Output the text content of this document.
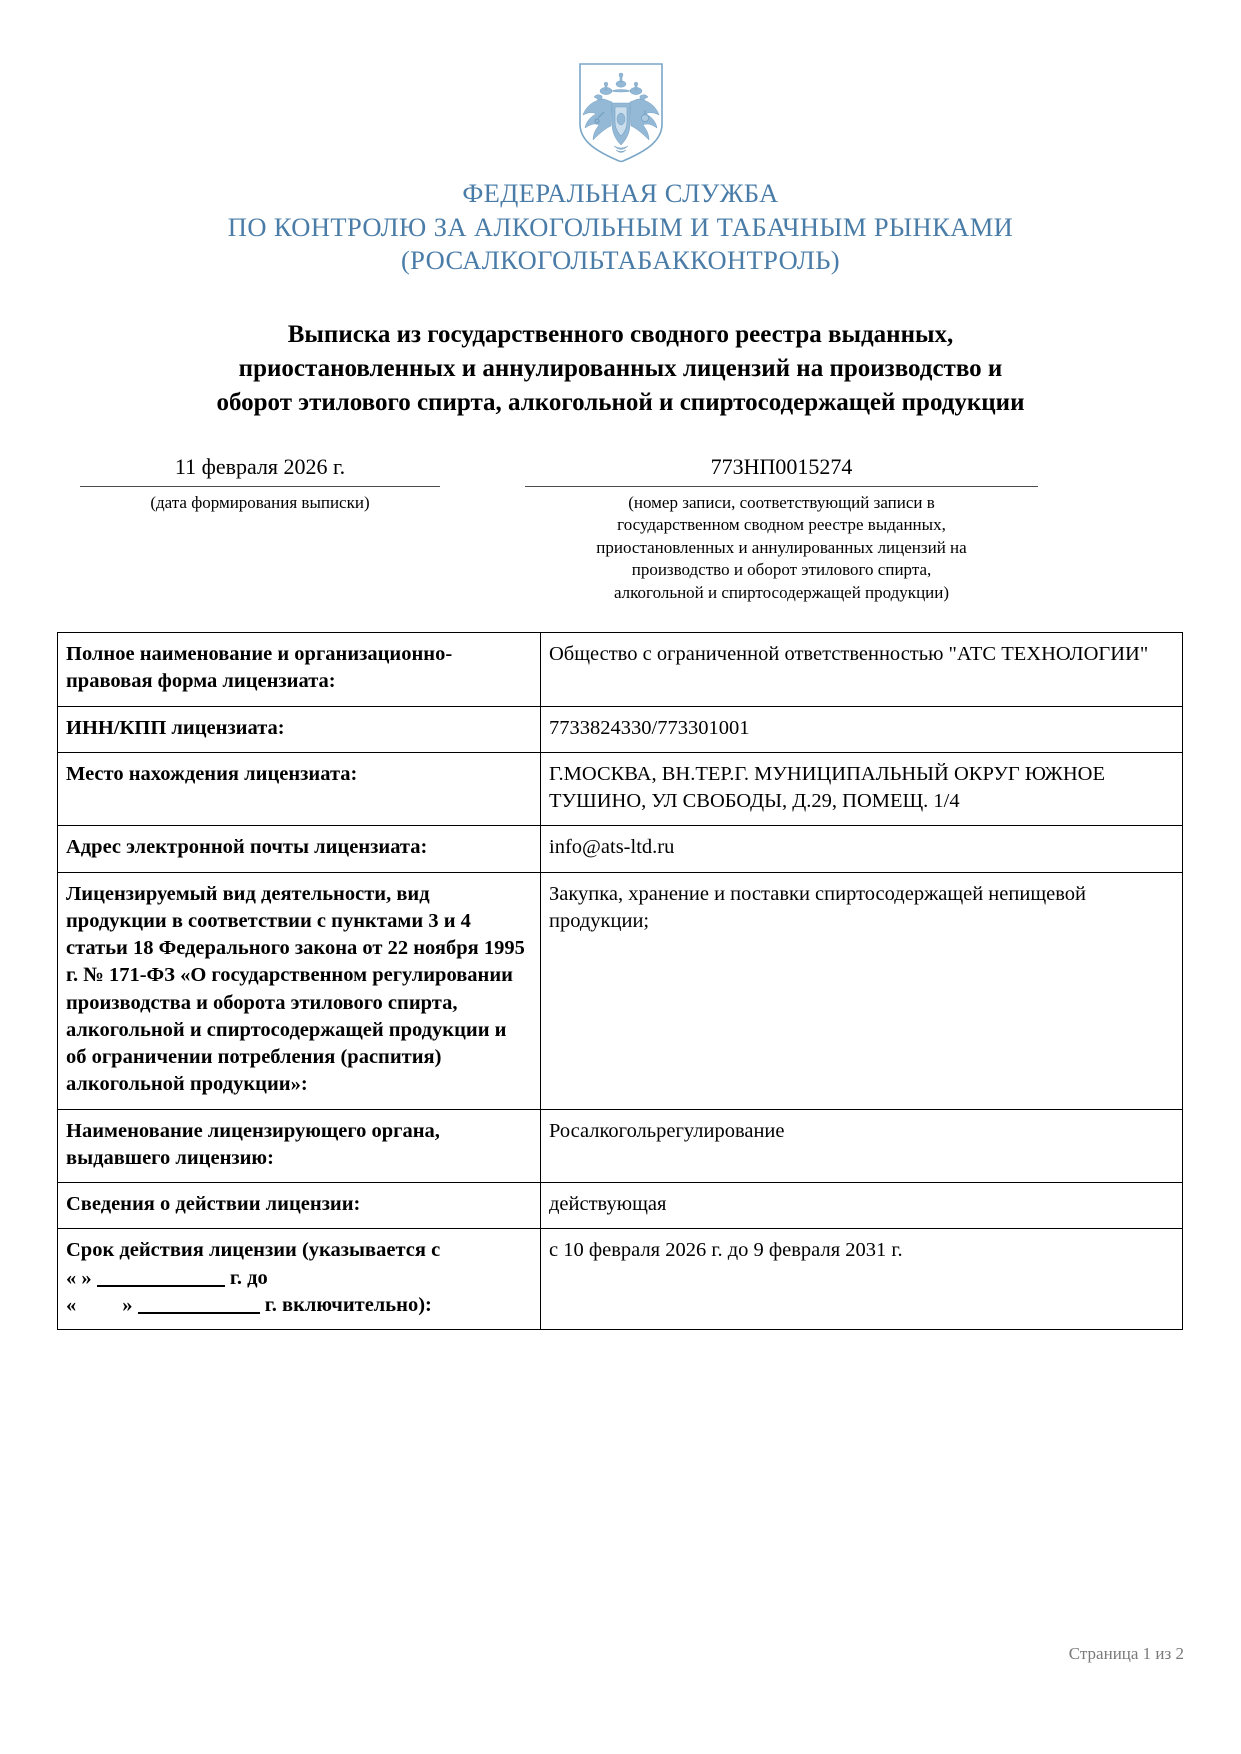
ФЕДЕРАЛЬНАЯ СЛУЖБА
ПО КОНТРОЛЮ ЗА АЛКОГОЛЬНЫМ И ТАБАЧНЫМ РЫНКАМИ
(РОСАЛКОГОЛЬТАБАККОНТРОЛЬ)
Выписка из государственного сводного реестра выданных,
приостановленных и аннулированных лицензий на производство и
оборот этилового спирта, алкогольной и спиртосодержащей продукции
11 февраля 2026 г.
(дата формирования выписки)
773НП0015274
(номер записи, соответствующий записи в
государственном сводном реестре выданных,
приостановленных и аннулированных лицензий на
производство и оборот этилового спирта,
алкогольной и спиртосодержащей продукции)
Полное наименование и организационно-правовая форма лицензиата:	Общество с ограниченной ответственностью "АТС ТЕХНОЛОГИИ"
ИНН/КПП лицензиата:	7733824330/773301001
Место нахождения лицензиата:	Г.МОСКВА, ВН.ТЕР.Г. МУНИЦИПАЛЬНЫЙ ОКРУГ ЮЖНОЕ ТУШИНО, УЛ СВОБОДЫ, Д.29, ПОМЕЩ. 1/4
Адрес электронной почты лицензиата:	info@ats-ltd.ru
Лицензируемый вид деятельности, вид продукции в соответствии с пунктами 3 и 4 статьи 18 Федерального закона от 22 ноября 1995 г. № 171-ФЗ «О государственном регулировании производства и оборота этилового спирта, алкогольной и спиртосодержащей продукции и об ограничении потребления (распития) алкогольной продукции»:	Закупка, хранение и поставки спиртосодержащей непищевой продукции;
Наименование лицензирующего органа, выдавшего лицензию:	Росалкогольрегулирование
Сведения о действии лицензии:	действующая
Срок действия лицензии (указывается с
« » г. до
« » г. включительно):	с 10 февраля 2026 г. до 9 февраля 2031 г.
Страница 1 из 2
